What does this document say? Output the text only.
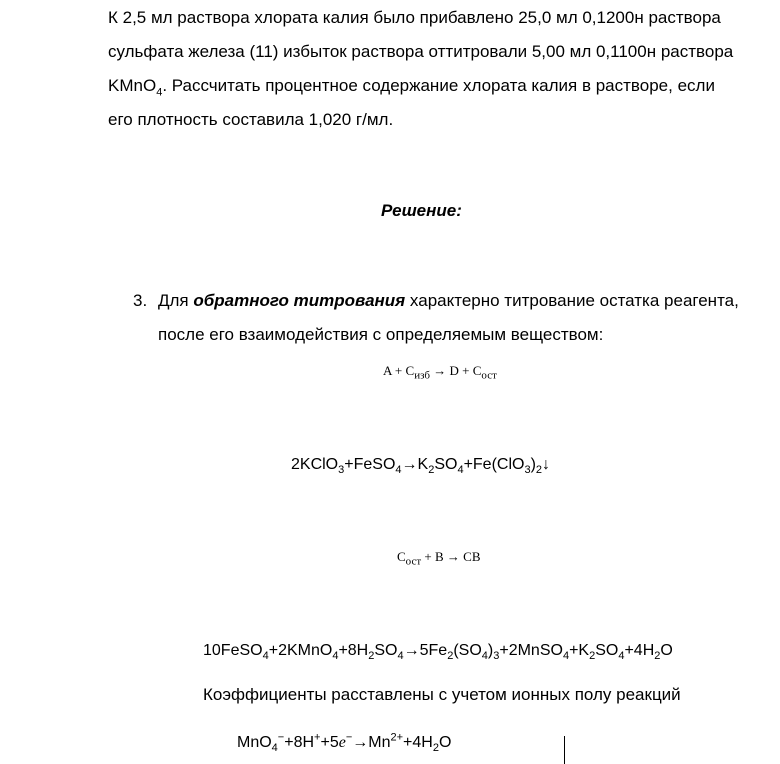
К 2,5 мл раствора хлората калия было прибавлено 25,0 мл 0,1200н раствора
сульфата железа (11) избыток раствора оттитровали 5,00 мл 0,1100н раствора
KMnO$_4$. Рассчитать процентное содержание хлората калия в растворе, если
его плотность составила 1,020 г/мл.
Решение:
3. Для обратного титрования характерно титрование остатка реагента,
после его взаимодействия с определяемым веществом:
$A + C_{изб} \to D + C_{ост}$
$2KClO_3+FeSO_4\to K_2SO_4+Fe(ClO_3)_2↓$
$C_{ост} + B$ → CB
$10FeSO_4+2KMnO_4+8H_2SO_4\to 5Fe_2(SO_4)_3+2MnSO_4+K_2SO_4+4H_2O$
Коэффициенты расставлены с учетом ионных полу реакций
$MnO_4^-+8H^++5e^-\to Mn^{2+}+4H_2O$
